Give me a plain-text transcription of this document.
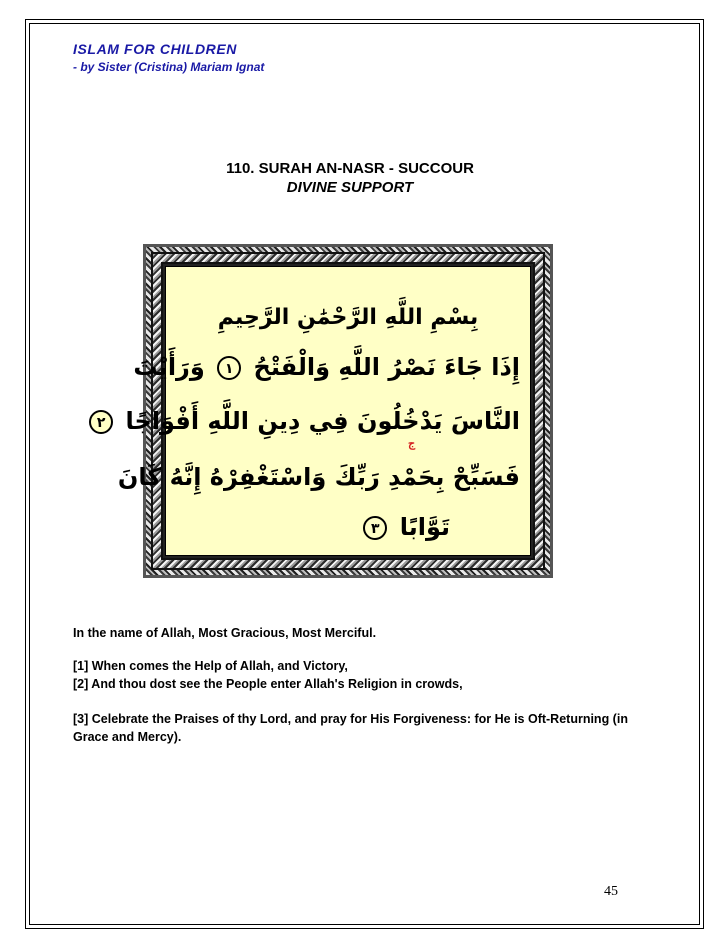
ISLAM FOR CHILDREN
- by Sister (Cristina) Mariam Ignat
110. SURAH AN-NASR - SUCCOUR
DIVINE SUPPORT
بِسْمِ اللَّهِ الرَّحْمَٰنِ الرَّحِيمِ
إِذَا جَاءَ نَصْرُ اللَّهِ وَالْفَتْحُ ١ وَرَأَيْتَ
النَّاسَ يَدْخُلُونَ فِي دِينِ اللَّهِ أَفْوَاجًا ٢
ج
فَسَبِّحْ بِحَمْدِ رَبِّكَ وَاسْتَغْفِرْهُ إِنَّهُ كَانَ
تَوَّابًا ٣
In the name of Allah, Most Gracious, Most Merciful.
[1] When comes the Help of Allah, and Victory,
[2] And thou dost see the People enter Allah's Religion in crowds,
[3] Celebrate the Praises of thy Lord, and pray for His Forgiveness: for He is Oft-Returning (in Grace and Mercy).
45
